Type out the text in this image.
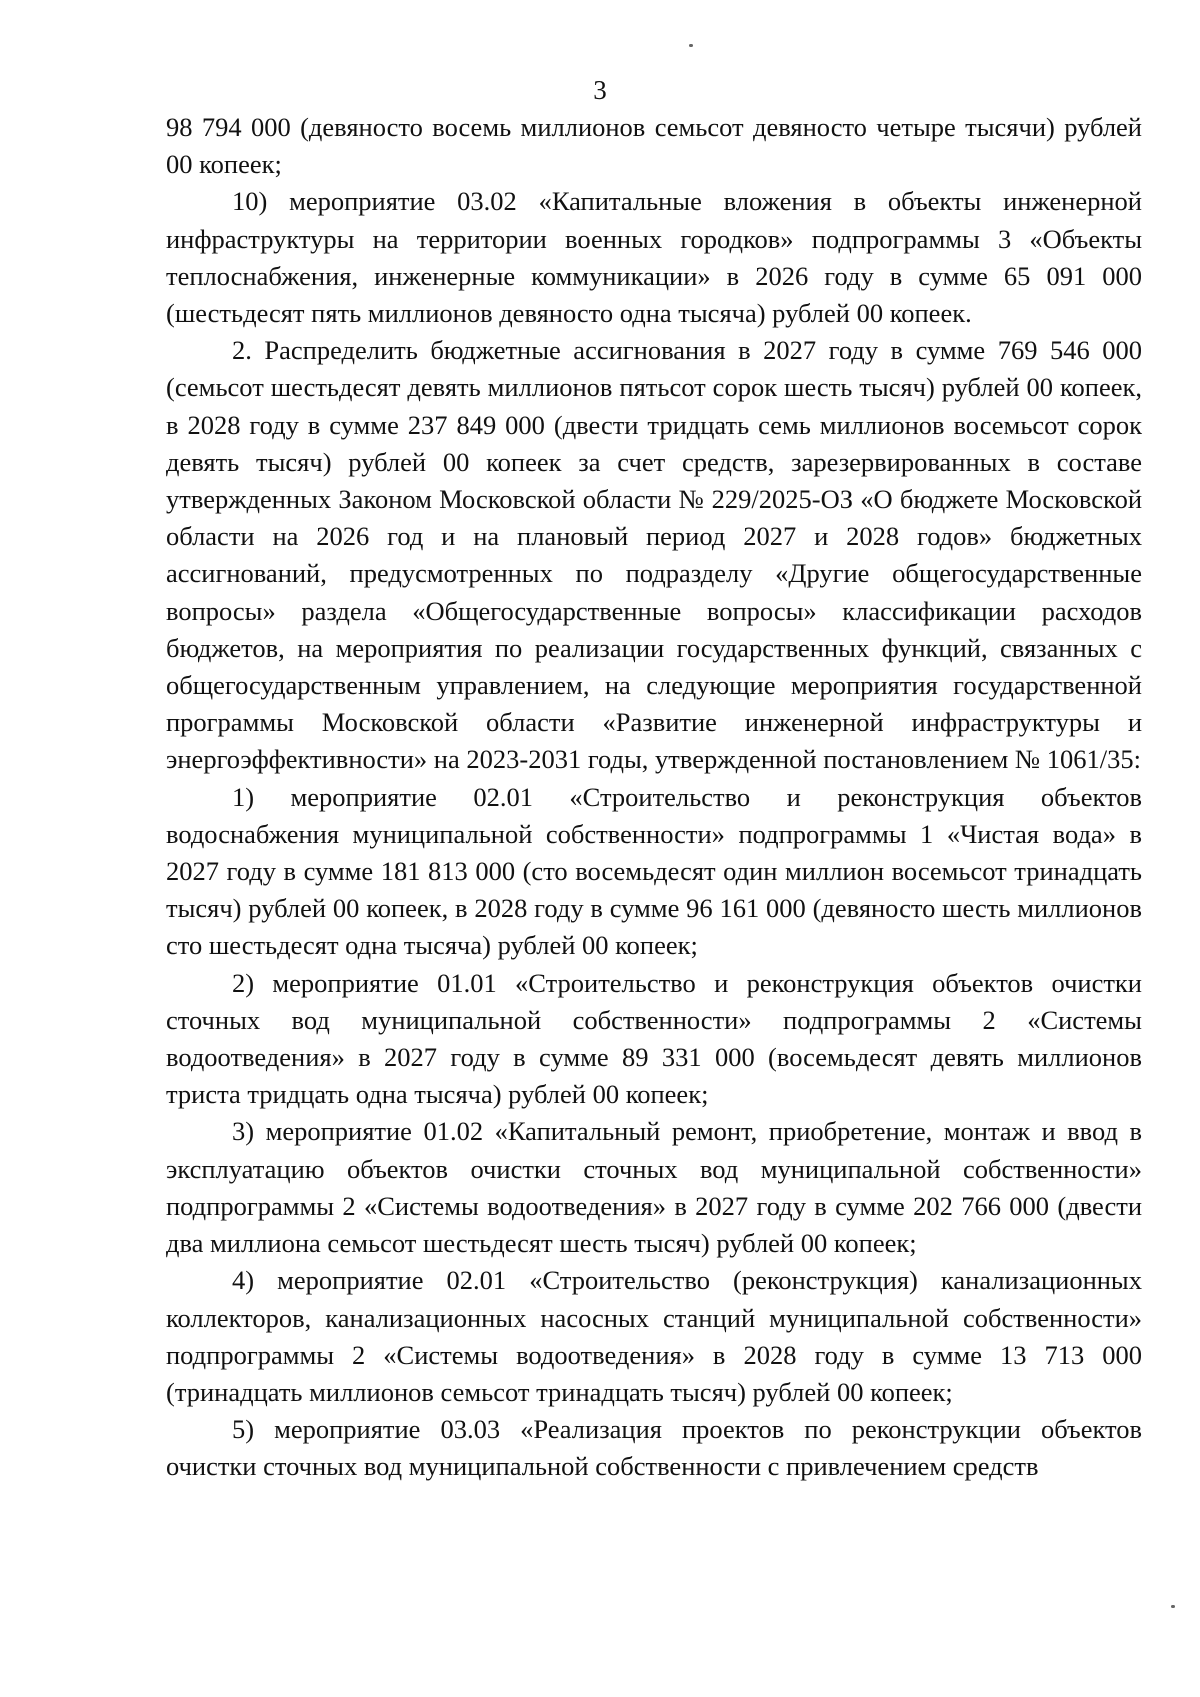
3

98 794 000 (девяносто восемь миллионов семьсот девяносто четыре тысячи) рублей 00 копеек;

10) мероприятие 03.02 «Капитальные вложения в объекты инженерной инфраструктуры на территории военных городков» подпрограммы 3 «Объекты теплоснабжения, инженерные коммуникации» в 2026 году в сумме 65 091 000 (шестьдесят пять миллионов девяносто одна тысяча) рублей 00 копеек.

2. Распределить бюджетные ассигнования в 2027 году в сумме 769 546 000 (семьсот шестьдесят девять миллионов пятьсот сорок шесть тысяч) рублей 00 копеек, в 2028 году в сумме 237 849 000 (двести тридцать семь миллионов восемьсот сорок девять тысяч) рублей 00 копеек за счет средств, зарезервированных в составе утвержденных Законом Московской области № 229/2025-ОЗ «О бюджете Московской области на 2026 год и на плановый период 2027 и 2028 годов» бюджетных ассигнований, предусмотренных по подразделу «Другие общегосударственные вопросы» раздела «Общегосударственные вопросы» классификации расходов бюджетов, на мероприятия по реализации государственных функций, связанных с общегосударственным управлением, на следующие мероприятия государственной программы Московской области «Развитие инженерной инфраструктуры и энергоэффективности» на 2023-2031 годы, утвержденной постановлением № 1061/35:

1) мероприятие 02.01 «Строительство и реконструкция объектов водоснабжения муниципальной собственности» подпрограммы 1 «Чистая вода» в 2027 году в сумме 181 813 000 (сто восемьдесят один миллион восемьсот тринадцать тысяч) рублей 00 копеек, в 2028 году в сумме 96 161 000 (девяносто шесть миллионов сто шестьдесят одна тысяча) рублей 00 копеек;

2) мероприятие 01.01 «Строительство и реконструкция объектов очистки сточных вод муниципальной собственности» подпрограммы 2 «Системы водоотведения» в 2027 году в сумме 89 331 000 (восемьдесят девять миллионов триста тридцать одна тысяча) рублей 00 копеек;

3) мероприятие 01.02 «Капитальный ремонт, приобретение, монтаж и ввод в эксплуатацию объектов очистки сточных вод муниципальной собственности» подпрограммы 2 «Системы водоотведения» в 2027 году в сумме 202 766 000 (двести два миллиона семьсот шестьдесят шесть тысяч) рублей 00 копеек;

4) мероприятие 02.01 «Строительство (реконструкция) канализационных коллекторов, канализационных насосных станций муниципальной собственности» подпрограммы 2 «Системы водоотведения» в 2028 году в сумме 13 713 000 (тринадцать миллионов семьсот тринадцать тысяч) рублей 00 копеек;

5) мероприятие 03.03 «Реализация проектов по реконструкции объектов очистки сточных вод муниципальной собственности с привлечением средств
